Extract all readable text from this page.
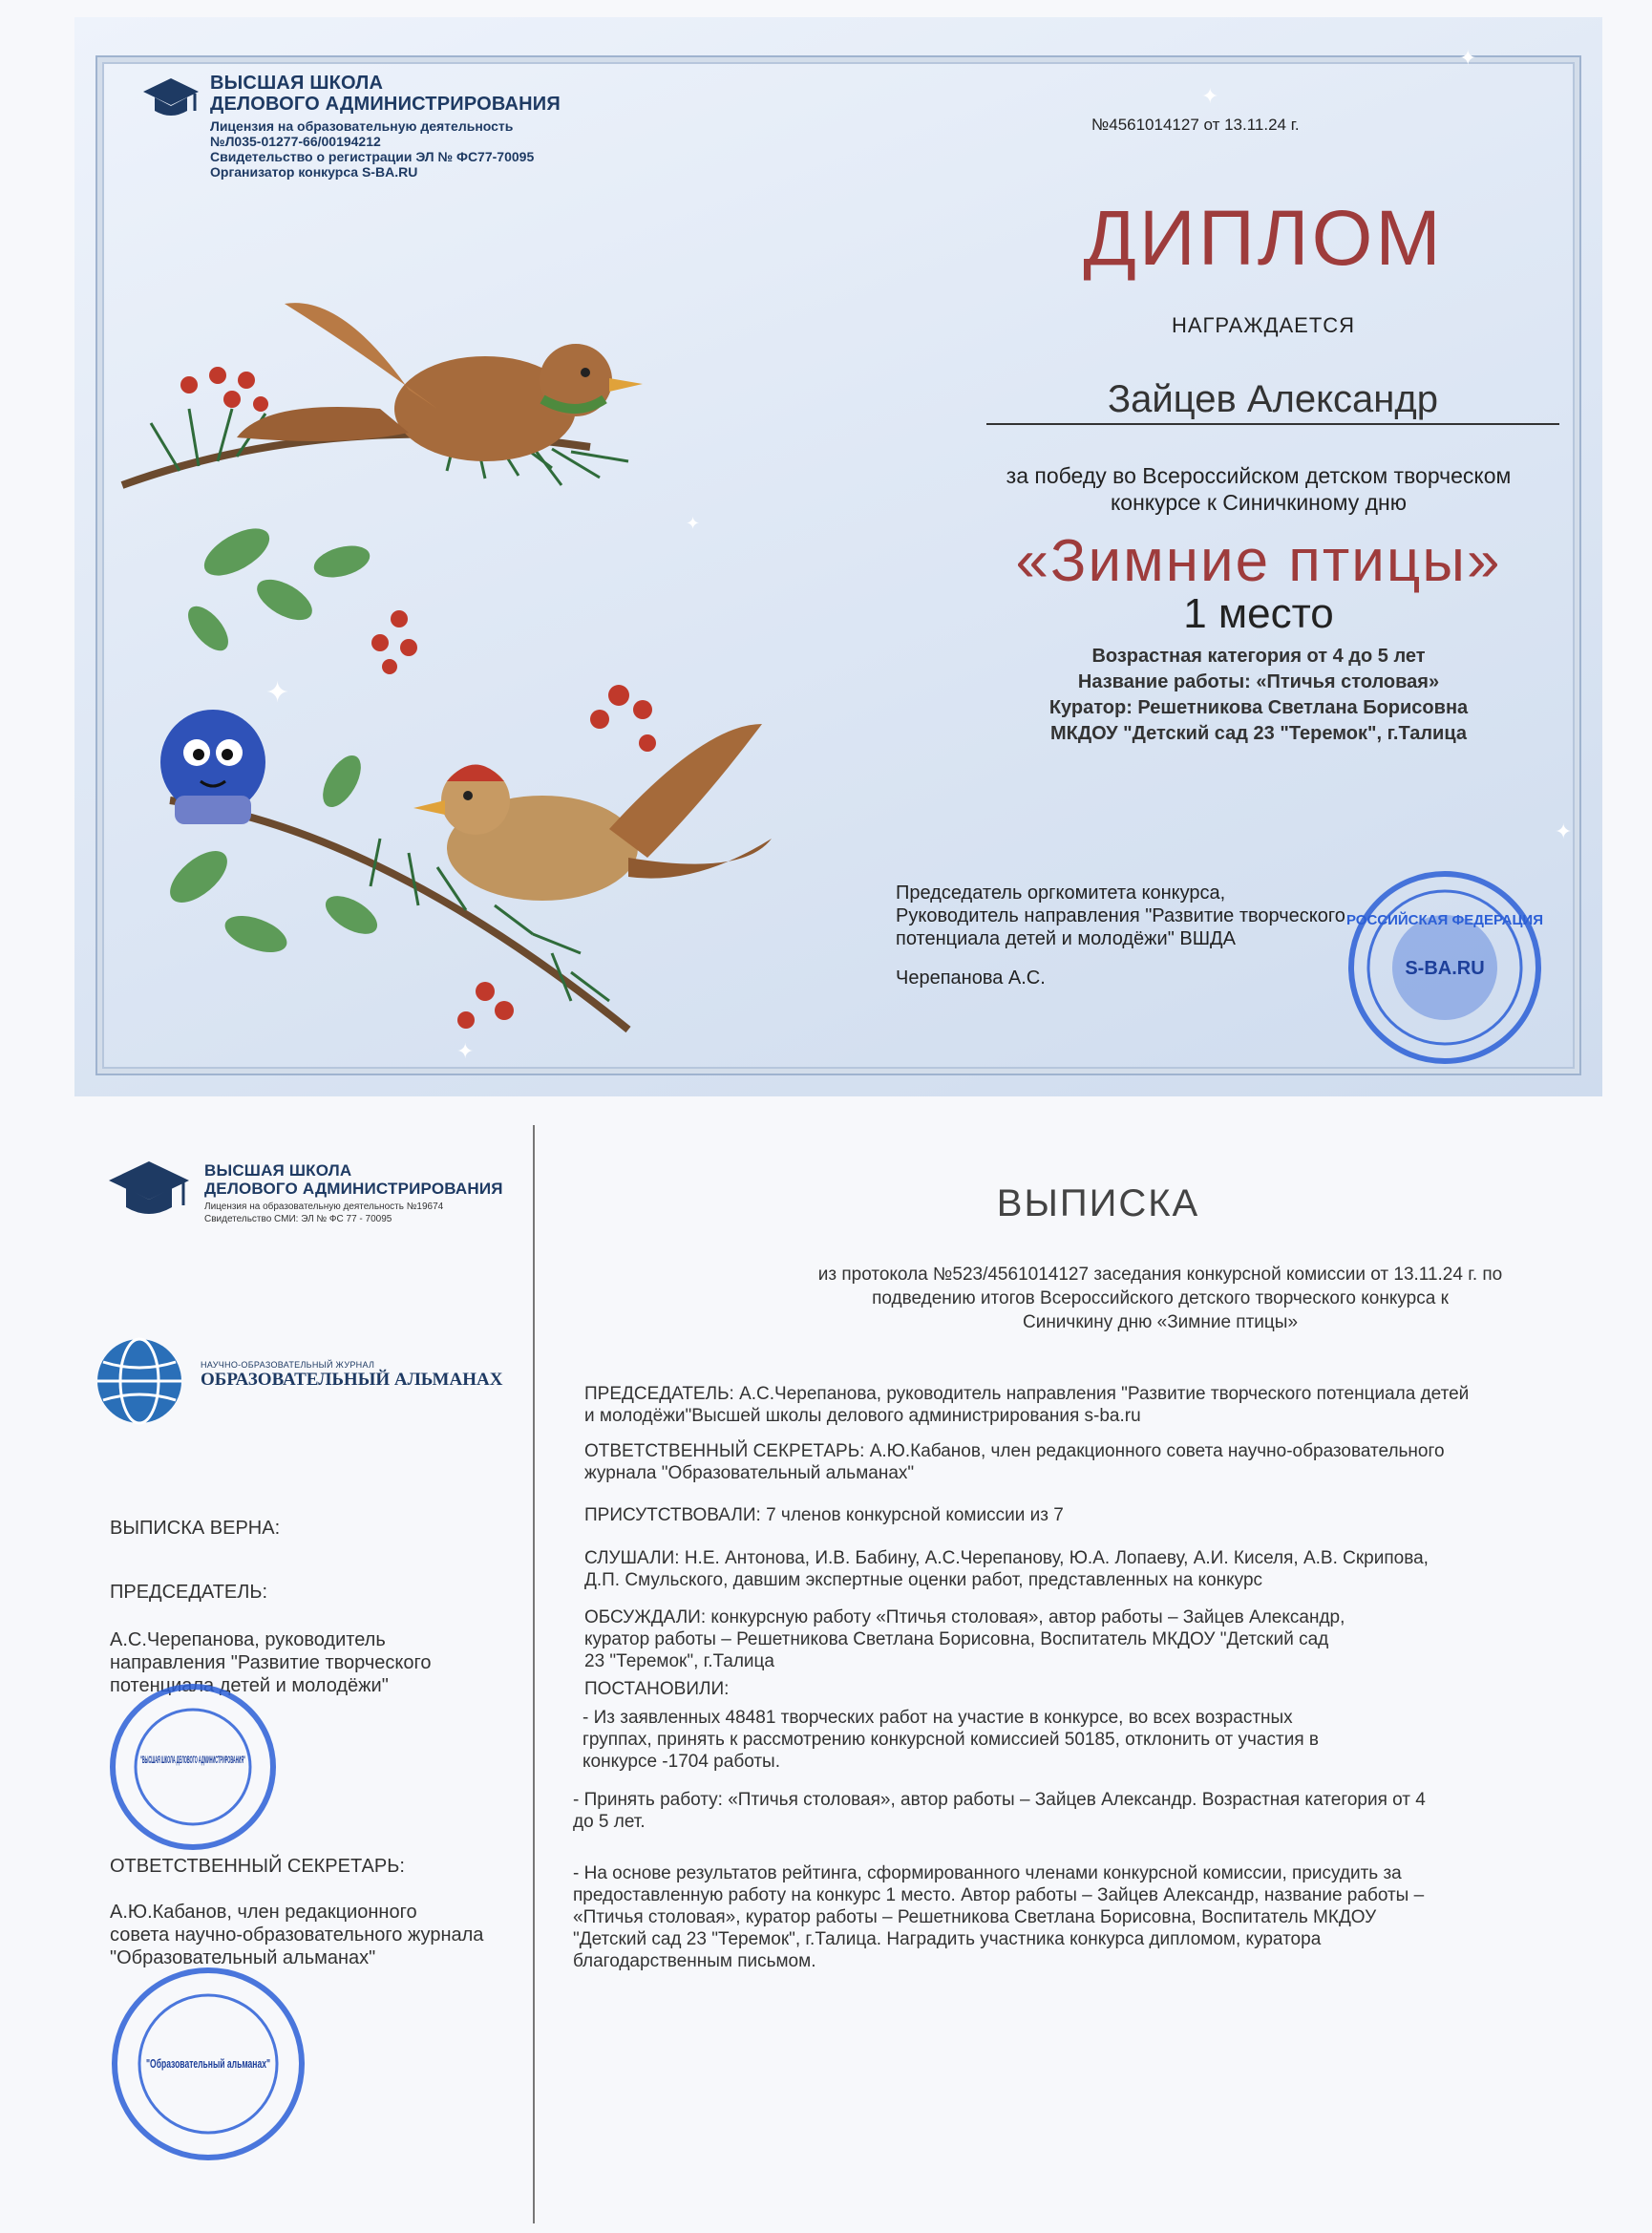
✦
✦
✦
✦
✦
✦
ВЫСШАЯ ШКОЛА
ДЕЛОВОГО АДМИНИСТРИРОВАНИЯ
Лицензия на образовательную деятельность
№Л035-01277-66/00194212
Свидетельство о регистрации ЭЛ № ФС77-70095
Организатор конкурса S-BA.RU
№4561014127 от 13.11.24 г.
ДИПЛОМ
НАГРАЖДАЕТСЯ
Зайцев Александр
за победу во Всероссийском детском творческом
конкурсе к Синичкиному дню
«Зимние птицы»
1 место
Возрастная категория от 4 до 5 лет
Название работы: «Птичья столовая»
Куратор: Решетникова Светлана Борисовна
МКДОУ "Детский сад 23 "Теремок", г.Талица
Председатель оргкомитета конкурса,
Руководитель направления "Развитие творческого
потенциала детей и молодёжи" ВШДА
Черепанова А.С.
РОССИЙСКАЯ ФЕДЕРАЦИЯ
S-BA.RU
ВЫСШАЯ ШКОЛА
ДЕЛОВОГО АДМИНИСТРИРОВАНИЯ
Лицензия на образовательную деятельность №19674
Свидетельство СМИ: ЭЛ № ФС 77 - 70095
НАУЧНО-ОБРАЗОВАТЕЛЬНЫЙ ЖУРНАЛ
ОБРАЗОВАТЕЛЬНЫЙ АЛЬМАНАХ
ВЫПИСКА
из протокола №523/4561014127 заседания конкурсной комиссии от 13.11.24 г. по
подведению итогов Всероссийского детского творческого конкурса к
Синичкину дню «Зимние птицы»
ПРЕДСЕДАТЕЛЬ: А.С.Черепанова, руководитель направления "Развитие творческого потенциала детей
и молодёжи"Высшей школы делового администрирования s-ba.ru
ОТВЕТСТВЕННЫЙ СЕКРЕТАРЬ: А.Ю.Кабанов, член редакционного совета научно-образовательного
журнала "Образовательный альманах"
ПРИСУТСТВОВАЛИ: 7 членов конкурсной комиссии из 7
СЛУШАЛИ: Н.Е. Антонова, И.В. Бабину, А.С.Черепанову, Ю.А. Лопаеву, А.И. Киселя, А.В. Скрипова,
Д.П. Смульского, давшим экспертные оценки работ, представленных на конкурс
ОБСУЖДАЛИ: конкурсную работу «Птичья столовая», автор работы – Зайцев Александр,
куратор работы – Решетникова Светлана Борисовна, Воспитатель МКДОУ "Детский сад
23 "Теремок", г.Талица
ПОСТАНОВИЛИ:
- Из заявленных 48481 творческих работ на участие в конкурсе, во всех возрастных
группах, принять к рассмотрению конкурсной комиссией 50185, отклонить от участия в
конкурсе -1704 работы.
- Принять работу: «Птичья столовая», автор работы – Зайцев Александр. Возрастная категория от 4
до 5 лет.
- На основе результатов рейтинга, сформированного членами конкурсной комиссии, присудить за
предоставленную работу на конкурс 1 место. Автор работы – Зайцев Александр, название работы –
«Птичья столовая», куратор работы – Решетникова Светлана Борисовна, Воспитатель МКДОУ
"Детский сад 23 "Теремок", г.Талица. Наградить участника конкурса дипломом, куратора
благодарственным письмом.
ВЫПИСКА ВЕРНА:
ПРЕДСЕДАТЕЛЬ:
А.С.Черепанова, руководитель
направления "Развитие творческого
потенциала детей и молодёжи"
ОТВЕТСТВЕННЫЙ СЕКРЕТАРЬ:
А.Ю.Кабанов, член редакционного
совета научно-образовательного журнала
"Образовательный альманах"
"ВЫСШАЯ ШКОЛА ДЕЛОВОГО АДМИНИСТРИРОВАНИЯ"
"Образовательный альманах"
